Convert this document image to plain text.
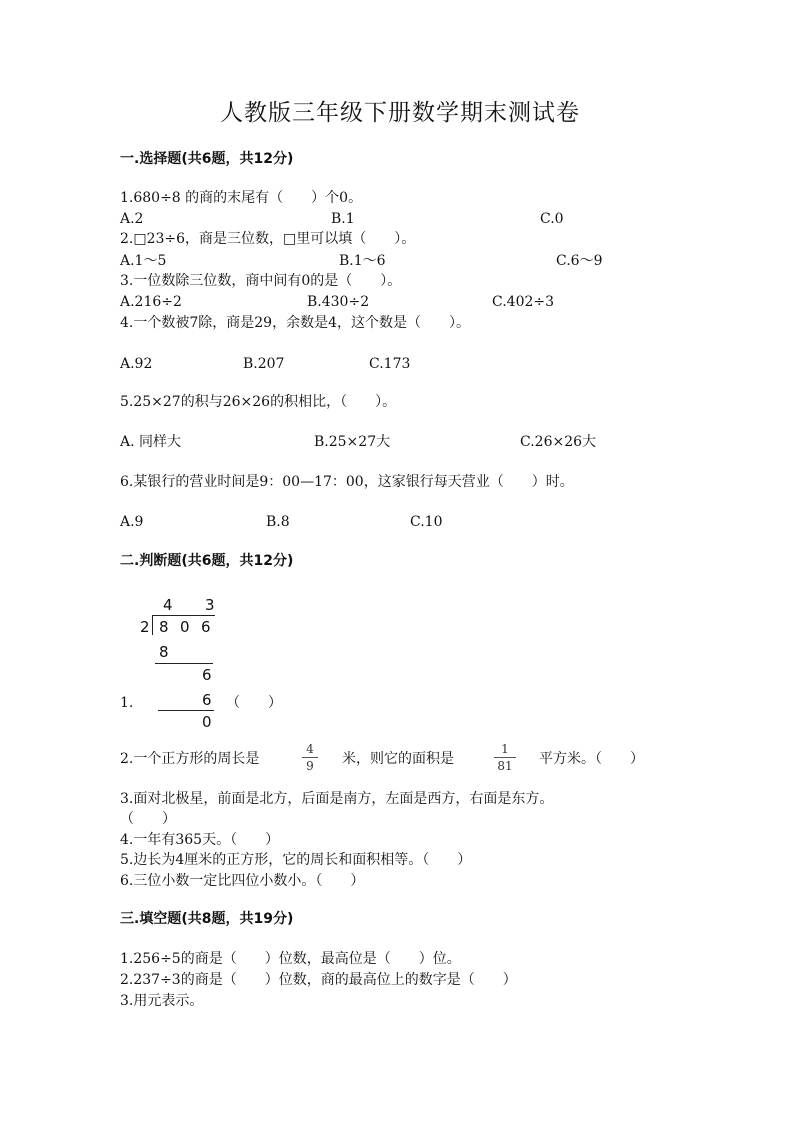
人教版三年级下册数学期末测试卷
一.选择题(共6题，共12分)
1.680÷8 的商的末尾有（　　）个0。
A.2	B.1	C.0
2.□23÷6，商是三位数，□里可以填（　　）。
A.1～5	B.1～6	C.6～9
3.一位数除三位数，商中间有0的是（　　）。
A.216÷2	B.430÷2	C.402÷3
4.一个数被7除，商是29，余数是4，这个数是（　　）。
A.92	B.207	C.173
5.25×27的积与26×26的积相比，（　　）。
A. 同样大	B.25×27大	C.26×26大
6.某银行的营业时间是9：00—17：00，这家银行每天营业（　　）时。
A.9	B.8	C.10
二.判断题(共6题，共12分)
4 3
2 8 0 6
8
6
6
0
1.	（　　）
2.一个正方形的周长是
4
9 米，则它的面积是
1
81 平方米。（　　）
3.面对北极星，前面是北方，后面是南方，左面是西方，右面是东方。
（　　）
4.一年有365天。（　　）
5.边长为4厘米的正方形，它的周长和面积相等。（　　）
6.三位小数一定比四位小数小。（　　）
三.填空题(共8题，共19分)
1.256÷5的商是（　　）位数，最高位是（　　）位。
2.237÷3的商是（　　）位数，商的最高位上的数字是（　　）
3.用元表示。
